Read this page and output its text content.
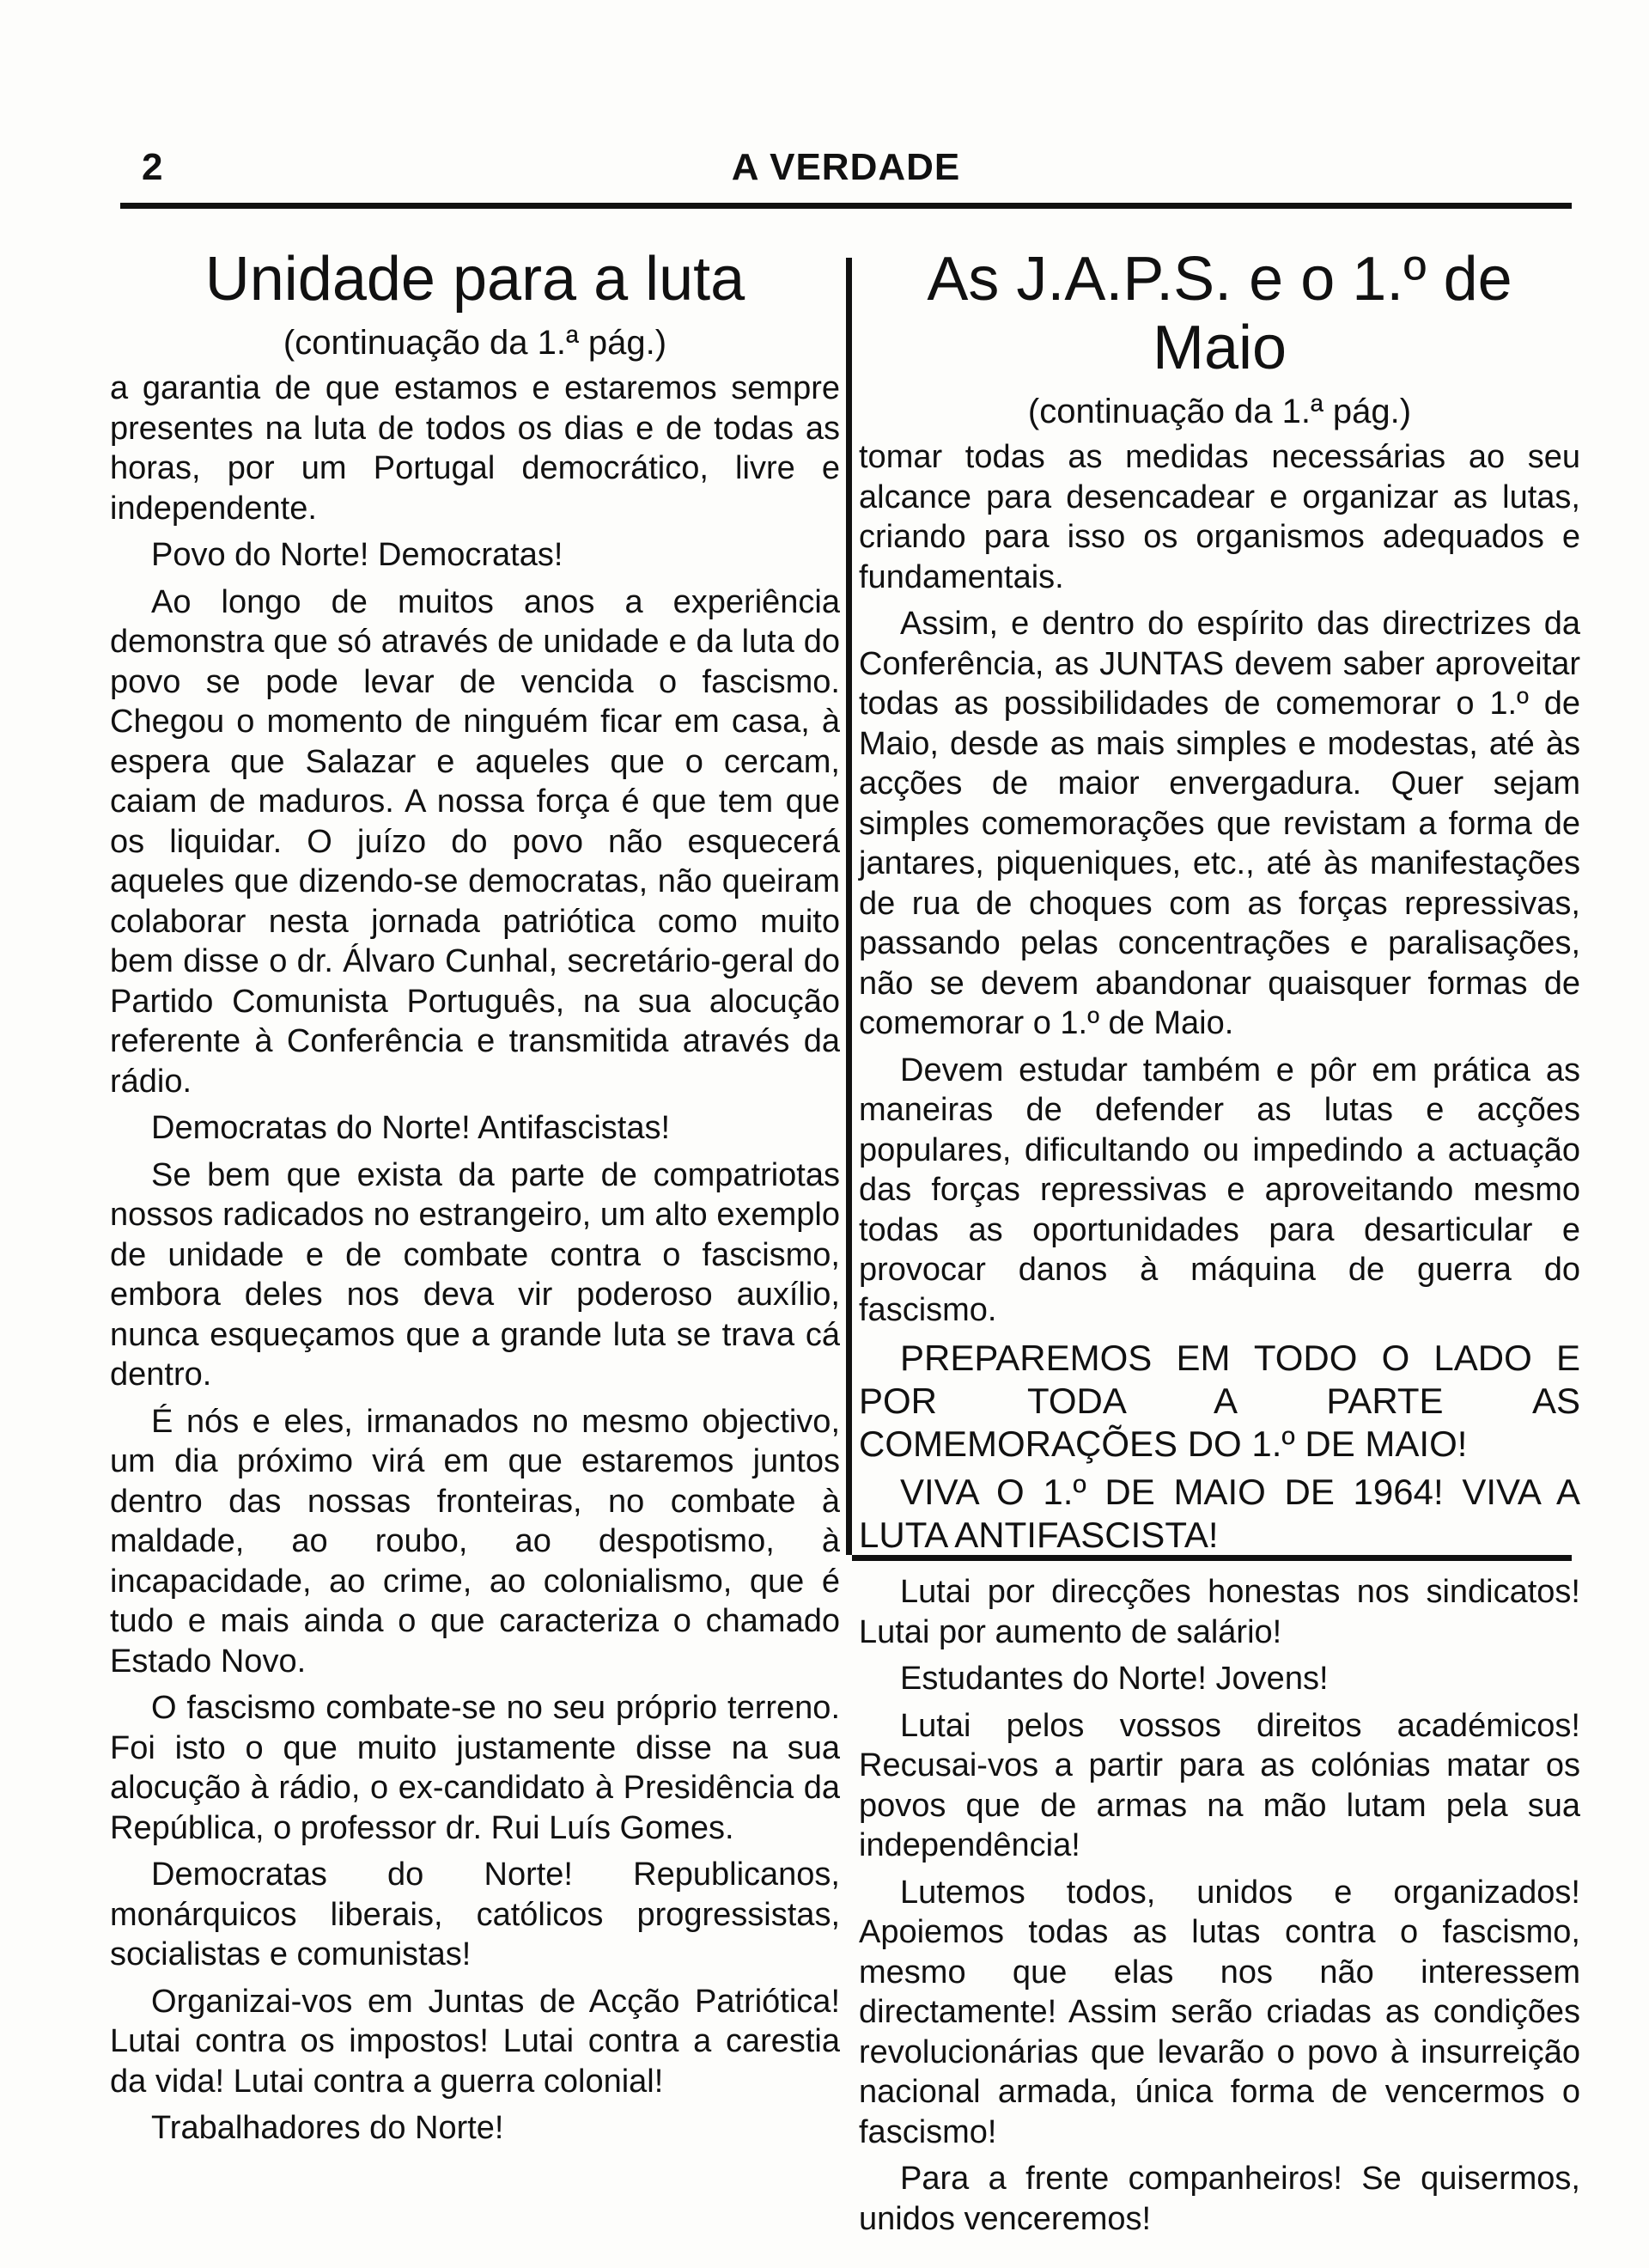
2	A VERDADE
Unidade para a luta
(continuação da 1.ª pág.)

a garantia de que estamos e estaremos sempre presentes na luta de todos os dias e de todas as horas, por um Portugal democrático, livre e independente.

Povo do Norte! Democratas!

Ao longo de muitos anos a experiência demonstra que só através de unidade e da luta do povo se pode levar de vencida o fascismo. Chegou o momento de ninguém ficar em casa, à espera que Salazar e aqueles que o cercam, caiam de maduros. A nossa força é que tem que os liquidar. O juízo do povo não esquecerá aqueles que dizendo-se democratas, não queiram colaborar nesta jornada patriótica como muito bem disse o dr. Álvaro Cunhal, secretário-geral do Partido Comunista Português, na sua alocução referente à Conferência e transmitida através da rádio.

Democratas do Norte! Antifascistas!

Se bem que exista da parte de compatriotas nossos radicados no estrangeiro, um alto exemplo de unidade e de combate contra o fascismo, embora deles nos deva vir poderoso auxílio, nunca esqueçamos que a grande luta se trava cá dentro.

É nós e eles, irmanados no mesmo objectivo, um dia próximo virá em que estaremos juntos dentro das nossas fronteiras, no combate à maldade, ao roubo, ao despotismo, à incapacidade, ao crime, ao colonialismo, que é tudo e mais ainda o que caracteriza o chamado Estado Novo.

O fascismo combate-se no seu próprio terreno. Foi isto o que muito justamente disse na sua alocução à rádio, o ex-candidato à Presidência da República, o professor dr. Rui Luís Gomes.

Democratas do Norte! Republicanos, monárquicos liberais, católicos progressistas, socialistas e comunistas!

Organizai-vos em Juntas de Acção Patriótica! Lutai contra os impostos! Lutai contra a carestia da vida! Lutai contra a guerra colonial!

Trabalhadores do Norte!

As J.A.P.S. e o 1.º de Maio
(continuação da 1.ª pág.)

tomar todas as medidas necessárias ao seu alcance para desencadear e organizar as lutas, criando para isso os organismos adequados e fundamentais.

Assim, e dentro do espírito das directrizes da Conferência, as JUNTAS devem saber aproveitar todas as possibilidades de comemorar o 1.º de Maio, desde as mais simples e modestas, até às acções de maior envergadura. Quer sejam simples comemorações que revistam a forma de jantares, piqueniques, etc., até às manifestações de rua de choques com as forças repressivas, passando pelas concentrações e paralisações, não se devem abandonar quaisquer formas de comemorar o 1.º de Maio.

Devem estudar também e pôr em prática as maneiras de defender as lutas e acções populares, dificultando ou impedindo a actuação das forças repressivas e aproveitando mesmo todas as oportunidades para desarticular e provocar danos à máquina de guerra do fascismo.

PREPAREMOS EM TODO O LADO E POR TODA A PARTE AS COMEMORAÇÕES DO 1.º DE MAIO!

VIVA O 1.º DE MAIO DE 1964! VIVA A LUTA ANTIFASCISTA!

Lutai por direcções honestas nos sindicatos! Lutai por aumento de salário!

Estudantes do Norte! Jovens!

Lutai pelos vossos direitos académicos! Recusai-vos a partir para as colónias matar os povos que de armas na mão lutam pela sua independência!

Lutemos todos, unidos e organizados! Apoiemos todas as lutas contra o fascismo, mesmo que elas nos não interessem directamente! Assim serão criadas as condições revolucionárias que levarão o povo à insurreição nacional armada, única forma de vencermos o fascismo!

Para a frente companheiros! Se quisermos, unidos venceremos!
